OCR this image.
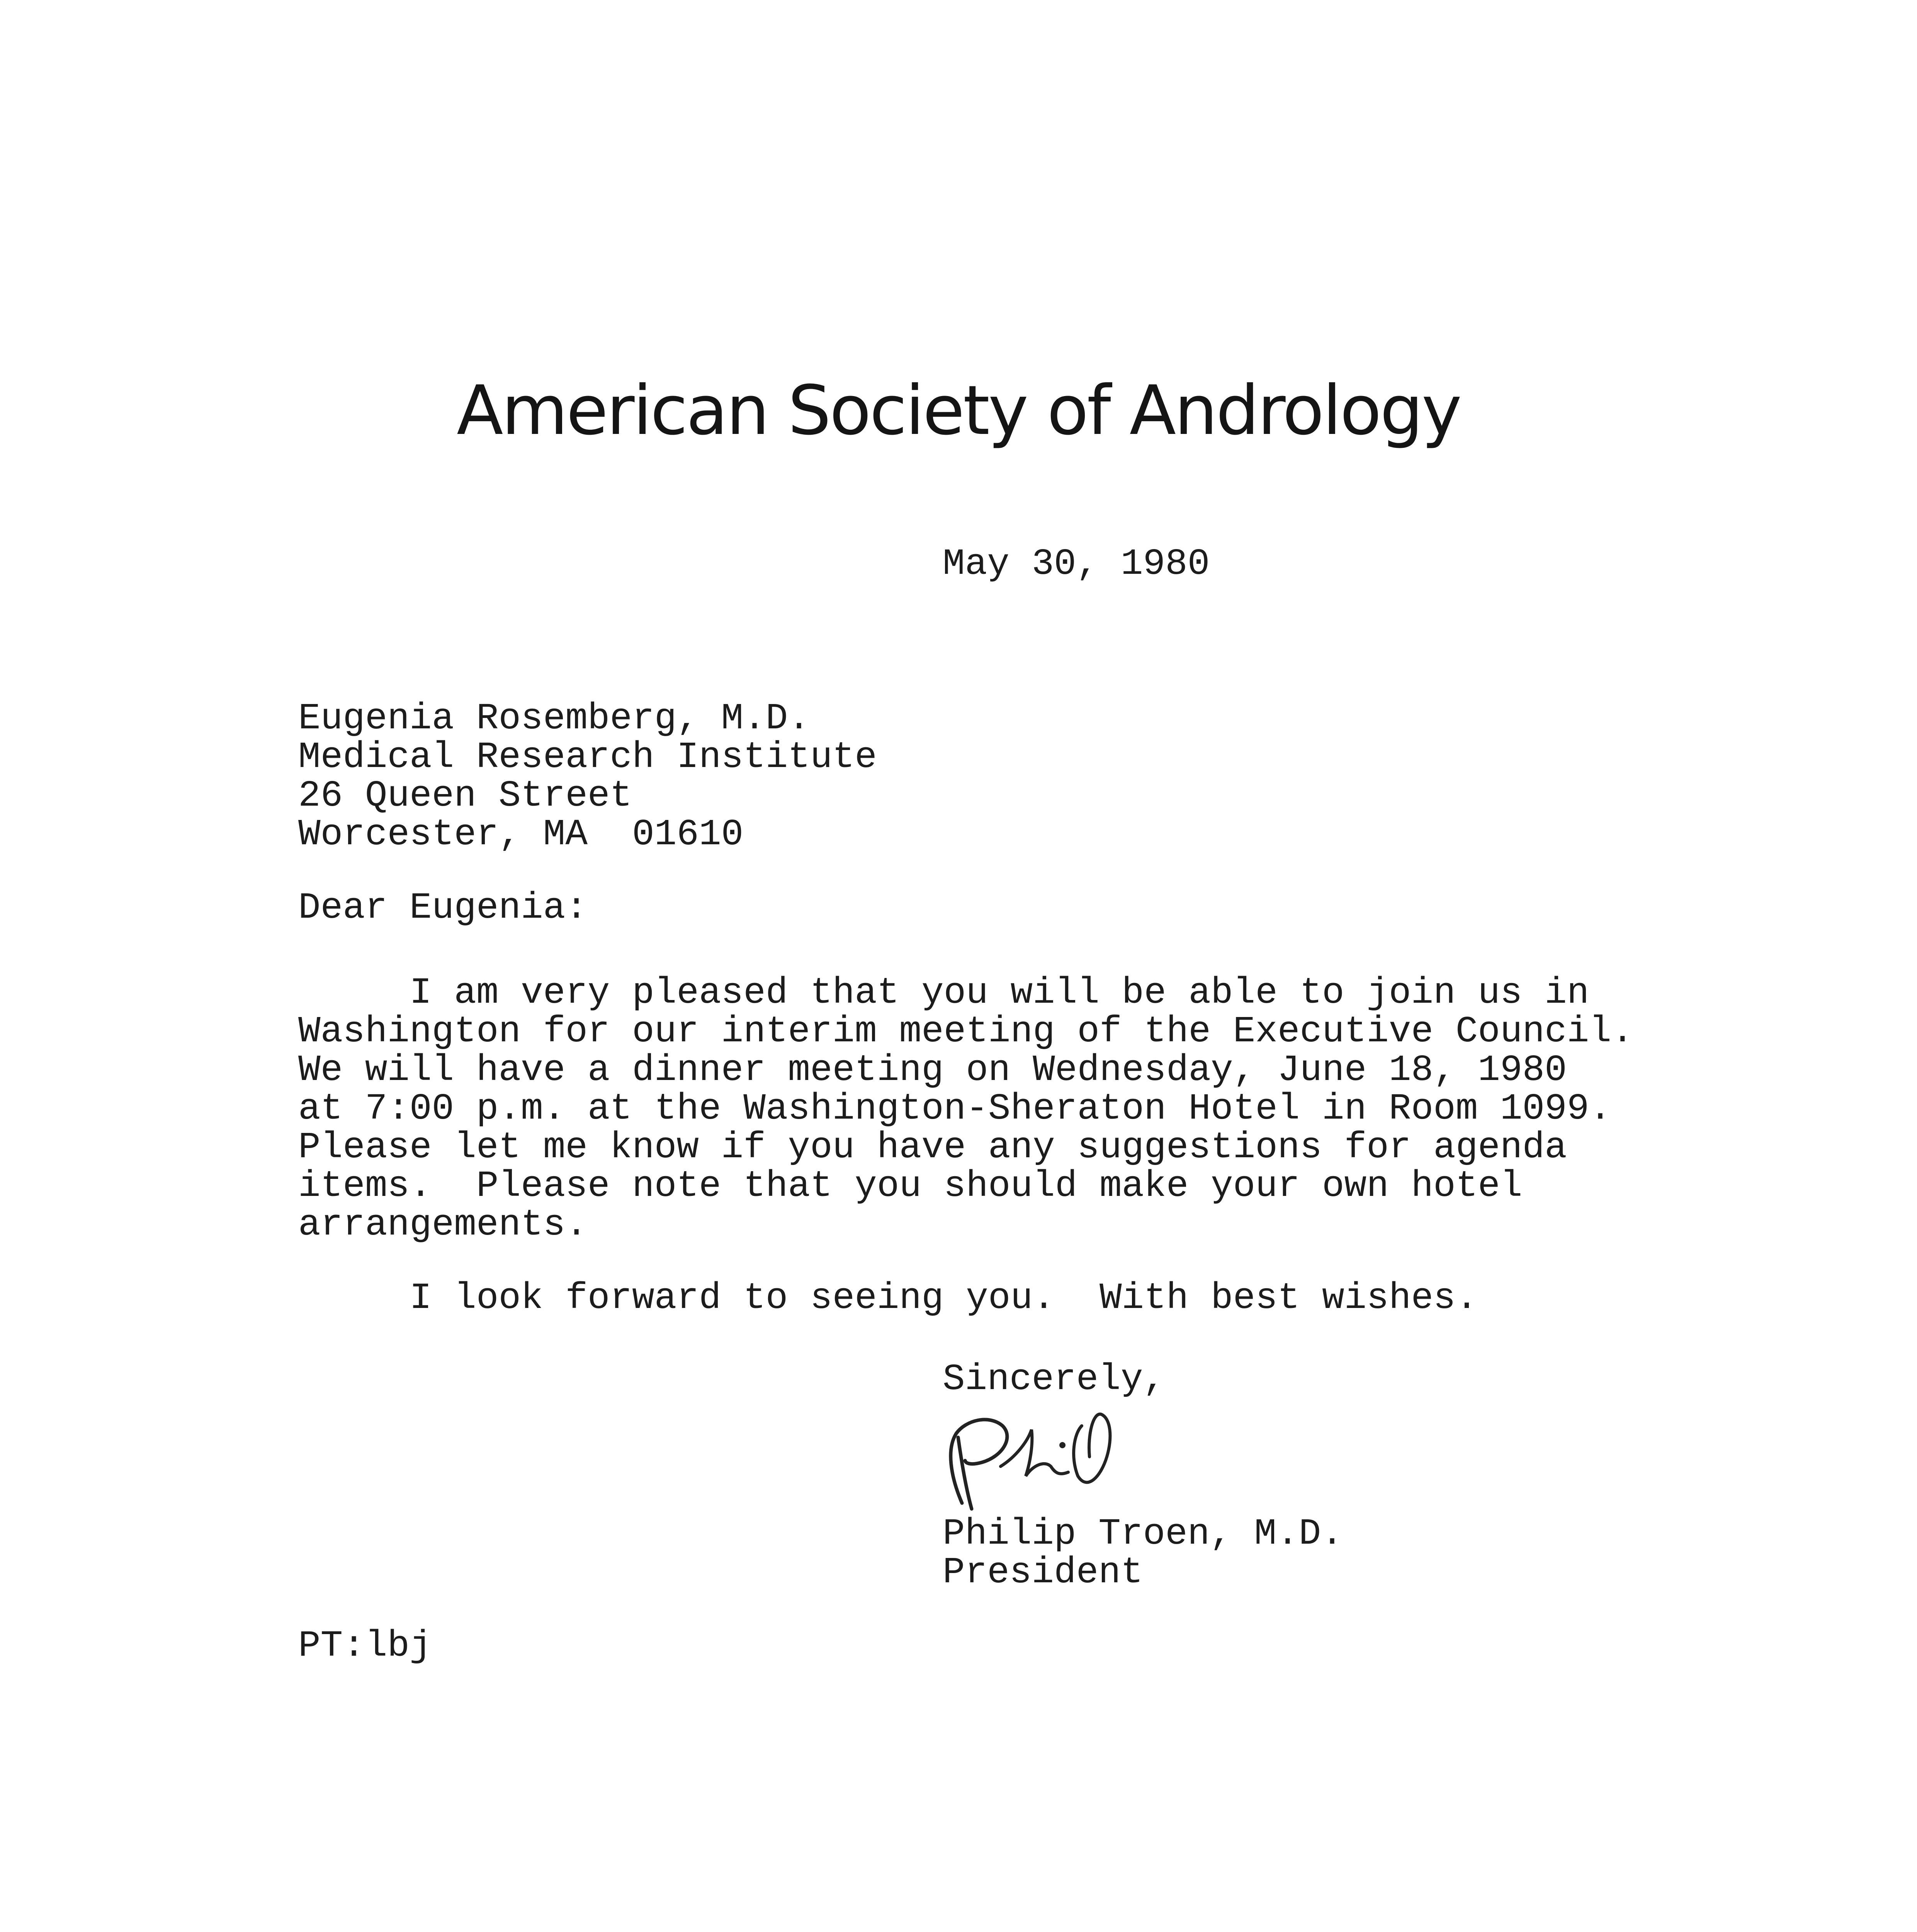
American Society of Andrology
May 30, 1980
Eugenia Rosemberg, M.D.
Medical Research Institute
26 Queen Street
Worcester, MA  01610
Dear Eugenia:
I am very pleased that you will be able to join us in
Washington for our interim meeting of the Executive Council.
We will have a dinner meeting on Wednesday, June 18, 1980
at 7:00 p.m. at the Washington-Sheraton Hotel in Room 1099.
Please let me know if you have any suggestions for agenda
items.  Please note that you should make your own hotel
arrangements.
I look forward to seeing you.  With best wishes.
Sincerely,
Philip Troen, M.D.
President
PT:lbj
